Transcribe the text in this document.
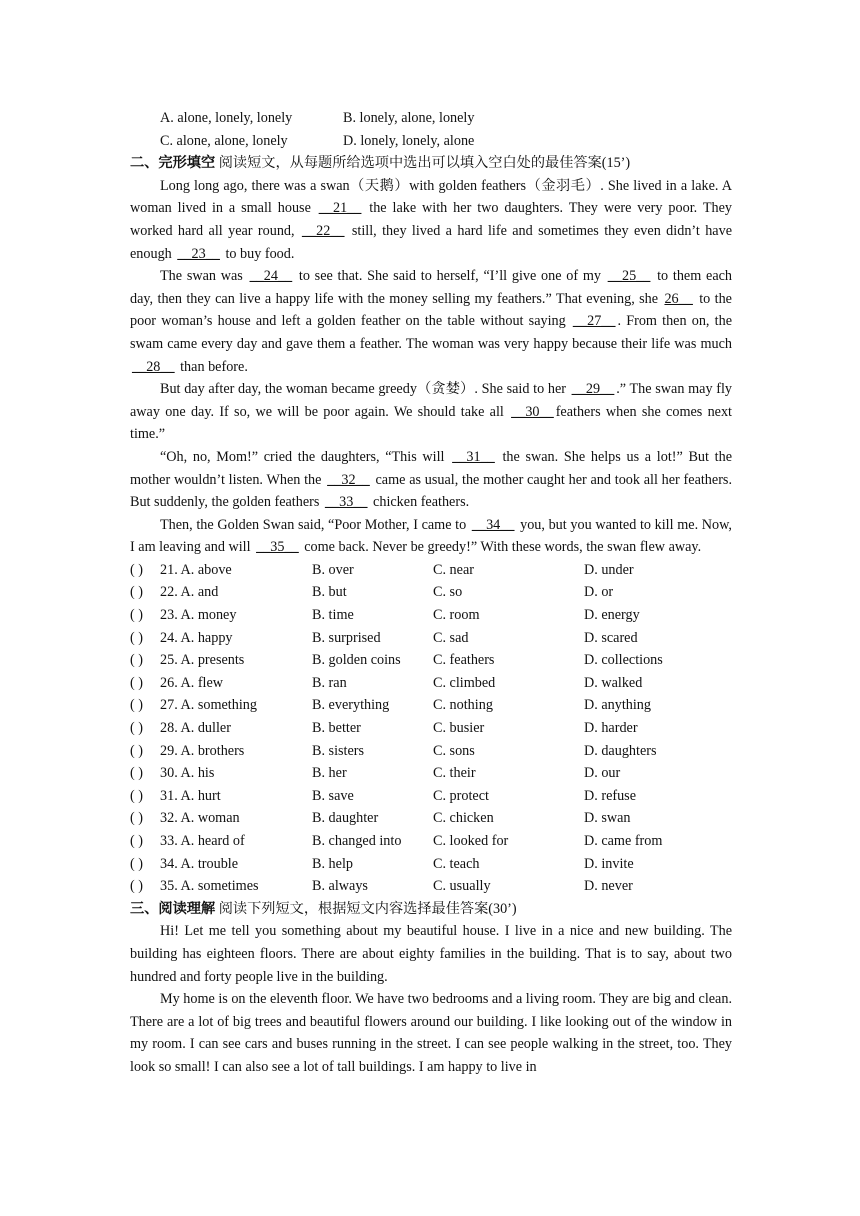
A. alone, lonely, lonely	B. lonely, alone, lonely
C. alone, alone, lonely	D. lonely, lonely, alone
二、完形填空 阅读短文，从每题所给选项中选出可以填入空白处的最佳答案(15’)

Long long ago, there was a swan（天鹅）with golden feathers（金羽毛）. She lived in a lake. A woman lived in a small house __21__ the lake with her two daughters. They were very poor. They worked hard all year round, __22__ still, they lived a hard life and sometimes they even didn’t have enough __23__ to buy food.

The swan was __24__ to see that. She said to herself, “I’ll give one of my __25__ to them each day, then they can live a happy life with the money selling my feathers.” That evening, she 26__ to the poor woman’s house and left a golden feather on the table without saying __27__ . From then on, the swam came every day and gave them a feather. The woman was very happy because their life was much __28__ than before.

But day after day, the woman became greedy（贪婪）. She said to her __29__ .” The swan may fly away one day. If so, we will be poor again. We should take all __30__ feathers when she comes next time.”

“Oh, no, Mom!” cried the daughters, “This will __31__ the swan. She helps us a lot!” But the mother wouldn’t listen. When the __32__ came as usual, the mother caught her and took all her feathers. But suddenly, the golden feathers __33__ chicken feathers.

Then, the Golden Swan said, “Poor Mother, I came to __34__ you, but you wanted to kill me. Now, I am leaving and will __35__ come back. Never be greedy!” With these words, the swan flew away.

( )	21. A. above	B. over	C. near	D. under
( )	22. A. and	B. but	C. so	D. or
( )	23. A. money	B. time	C. room	D. energy
( )	24. A. happy	B. surprised	C. sad	D. scared
( )	25. A. presents	B. golden coins	C. feathers	D. collections
( )	26. A. flew	B. ran	C. climbed	D. walked
( )	27. A. something	B. everything	C. nothing	D. anything
( )	28. A. duller	B. better	C. busier	D. harder
( )	29. A. brothers	B. sisters	C. sons	D. daughters
( )	30. A. his	B. her	C. their	D. our
( )	31. A. hurt	B. save	C. protect	D. refuse
( )	32. A. woman	B. daughter	C. chicken	D. swan
( )	33. A. heard of	B. changed into	C. looked for	D. came from
( )	34. A. trouble	B. help	C. teach	D. invite
( )	35. A. sometimes	B. always	C. usually	D. never
三、阅读理解 阅读下列短文，根据短文内容选择最佳答案(30’)

Hi! Let me tell you something about my beautiful house. I live in a nice and new building. The building has eighteen floors. There are about eighty families in the building. That is to say, about two hundred and forty people live in the building.

My home is on the eleventh floor. We have two bedrooms and a living room. They are big and clean. There are a lot of big trees and beautiful flowers around our building. I like looking out of the window in my room. I can see cars and buses running in the street. I can see people walking in the street, too. They look so small! I can also see a lot of tall buildings. I am happy to live in
